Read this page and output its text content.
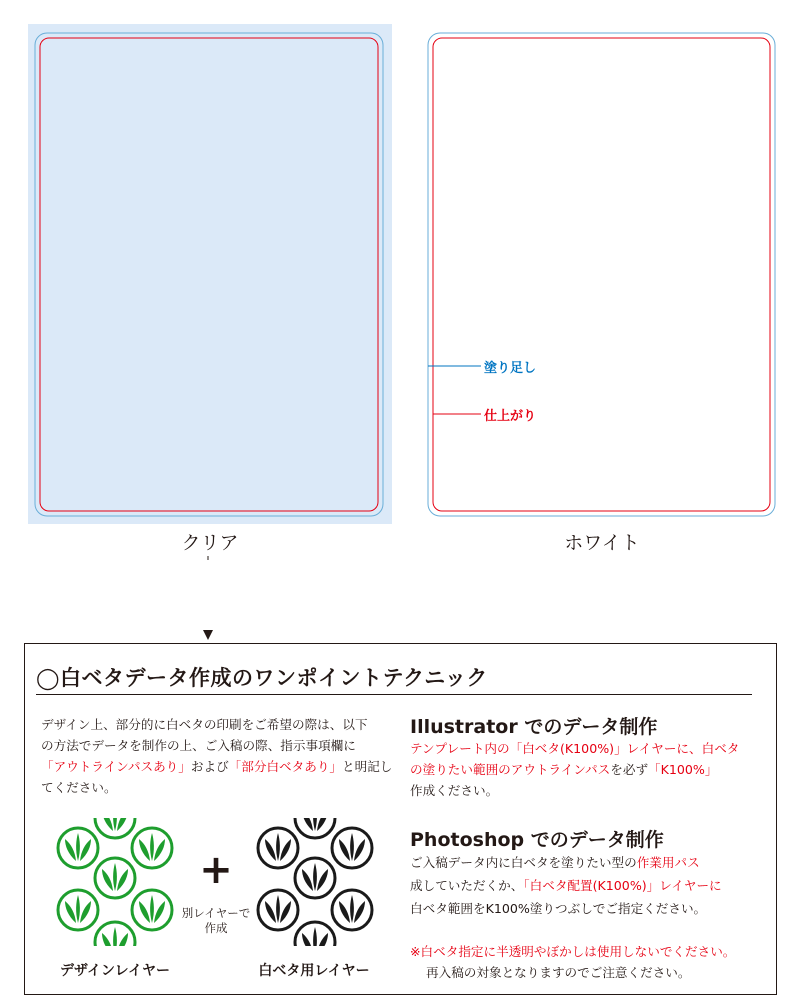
塗り足し
仕上がり
クリア	ホワイト
◯白ベタデータ作成のワンポイントテクニック
デザイン上、部分的に白ベタの印刷をご希望の際は、以下
の方法でデータを制作の上、ご入稿の際、指示事項欄に
「アウトラインパスあり」および「部分白ベタあり」と明記し
てください。
+
別レイヤーで
作成
デザインレイヤー	白ベタ用レイヤー
Illustrator でのデータ制作
テンプレート内の「白ベタ(K100%)」レイヤーに、白ベタ
の塗りたい範囲のアウトラインパスを必ず「K100%」
作成ください。
Photoshop でのデータ制作
ご入稿データ内に白ベタを塗りたい型の作業用パス
成していただくか、「白ベタ配置(K100%)」レイヤーに
白ベタ範囲をK100%塗りつぶしでご指定ください。
※白ベタ指定に半透明やぼかしは使用しないでください。
再入稿の対象となりますのでご注意ください。
